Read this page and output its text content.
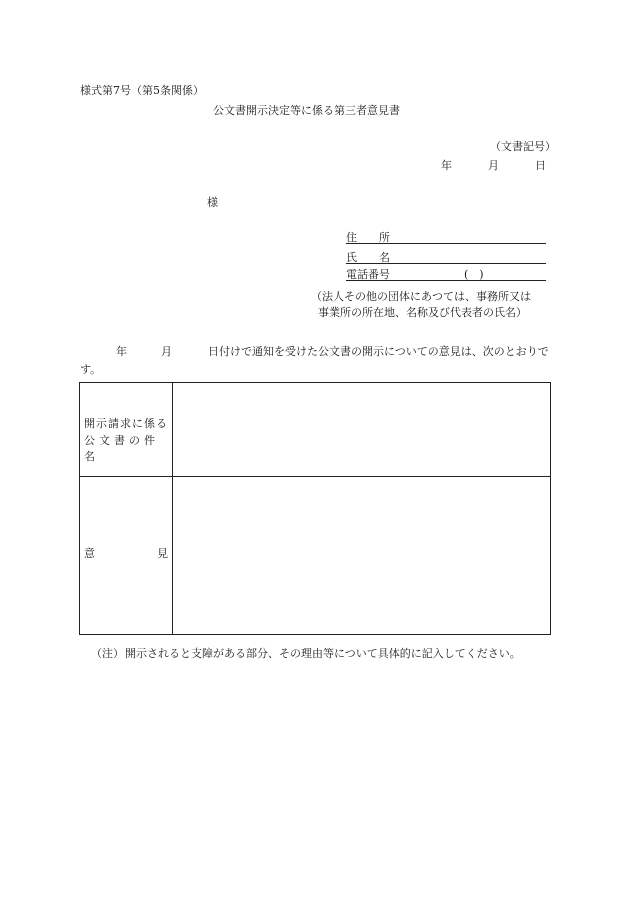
様式第7号（第5条関係）
公文書開示決定等に係る第三者意見書
（文書記号）
年	月	日
様
住　　所
氏　　名
電話番号	(　)
（法人その他の団体にあつては、事務所又は
事業所の所在地、名称及び代表者の氏名）
年	月	日付けで通知を受けた公文書の開示についての意見は、次のとおりです。
開示請求に係る
公文書の件名
意	見
（注）開示されると支障がある部分、その理由等について具体的に記入してください。
